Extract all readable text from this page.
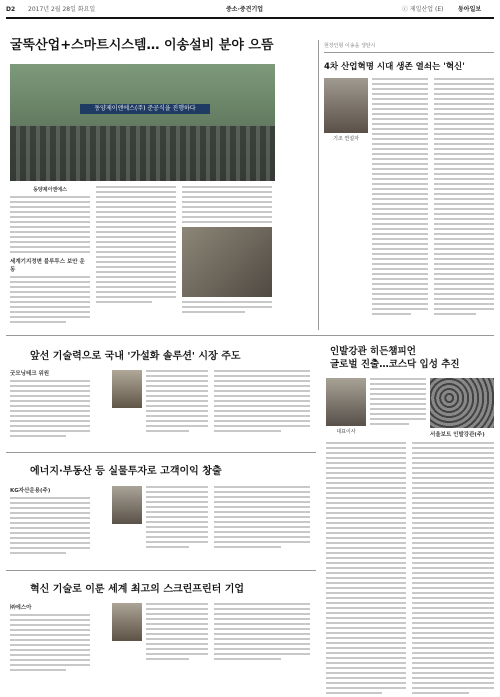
D2 2017년 2월 28일 화요일	중소·중견기업	ⓒ 제일산업 (E) 동아일보
굴뚝산업+스마트시스템… 이송설비 분야 으뜸
동양제이앤에스(주) 준공식을 진행하다
동양제이앤에스
세계기지정변 블루투스 보안 운동
현장인형 이송을 생탄시
4차 산업혁명 시대 생존 열쇠는 '혁신'
기조 연설자
앞선 기술력으로 국내 '가설화 솔루션' 시장 주도
굿모닝테크 위원
인발강관 히든챔피언
글로벌 진출…코스닥 입성 추진
대표이사	서울보트 인발강관(주)
에너지·부동산 등 실물투자로 고객이익 창출
KG자산운용(주)
혁신 기술로 이룬 세계 최고의 스크린프린터 기업
㈜에스아
